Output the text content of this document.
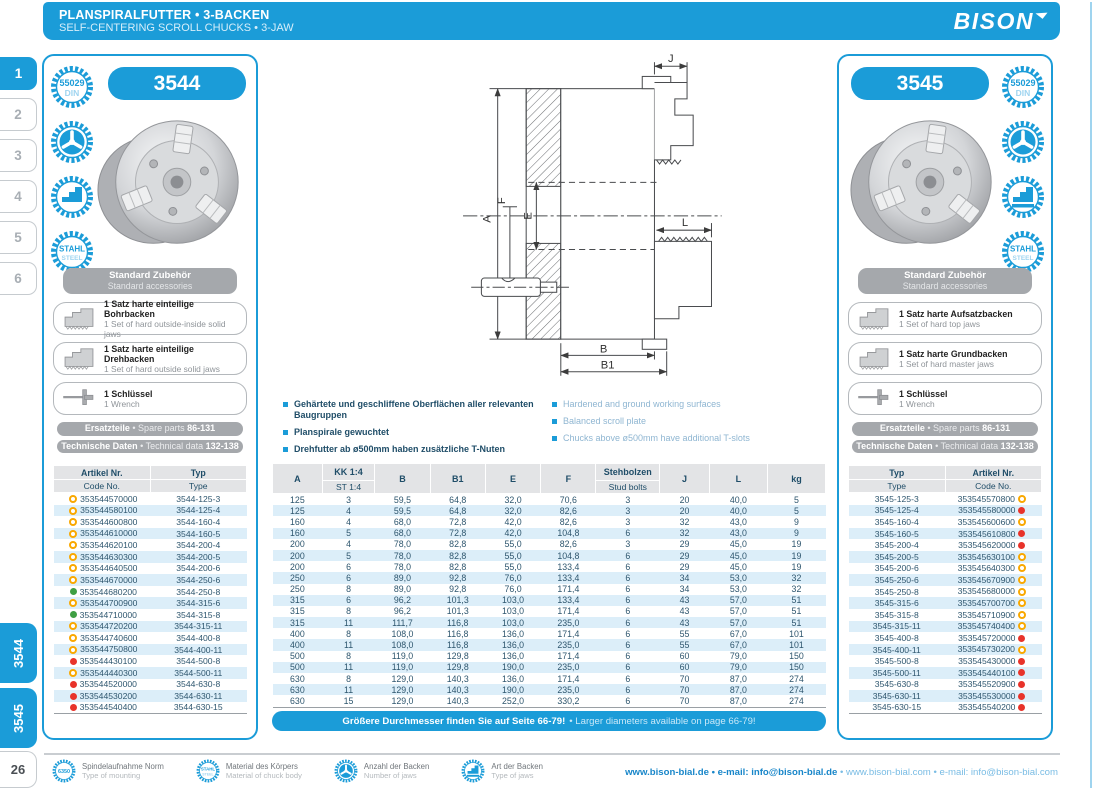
PLANSPIRALFUTTER • 3-BACKEN
SELF-CENTERING SCROLL CHUCKS • 3-JAW	BISON
1
2
3
4
5
6
3544
3545
26
J
A
F
E
L
B
B1
Gehärtete und geschliffene Oberflächen aller relevanten Baugruppen
Planspirale gewuchtet
Drehfutter ab ø500mm haben zusätzliche T-Nuten
Hardened and ground working surfaces
Balanced scroll plate
Chucks above ø500mm have additional T-slots
A	KK 1:4	B	B1	E	F	Stehbolzen	J	L	kg
	ST 1:4					Stud bolts			
125	3	59,5	64,8	32,0	70,6	3	20	40,0	5
125	4	59,5	64,8	32,0	82,6	3	20	40,0	5
160	4	68,0	72,8	42,0	82,6	3	32	43,0	9
160	5	68,0	72,8	42,0	104,8	6	32	43,0	9
200	4	78,0	82,8	55,0	82,6	3	29	45,0	19
200	5	78,0	82,8	55,0	104,8	6	29	45,0	19
200	6	78,0	82,8	55,0	133,4	6	29	45,0	19
250	6	89,0	92,8	76,0	133,4	6	34	53,0	32
250	8	89,0	92,8	76,0	171,4	6	34	53,0	32
315	6	96,2	101,3	103,0	133,4	6	43	57,0	51
315	8	96,2	101,3	103,0	171,4	6	43	57,0	51
315	11	111,7	116,8	103,0	235,0	6	43	57,0	51
400	8	108,0	116,8	136,0	171,4	6	55	67,0	101
400	11	108,0	116,8	136,0	235,0	6	55	67,0	101
500	8	119,0	129,8	136,0	171,4	6	60	79,0	150
500	11	119,0	129,8	190,0	235,0	6	60	79,0	150
630	8	129,0	140,3	136,0	171,4	6	70	87,0	274
630	11	129,0	140,3	190,0	235,0	6	70	87,0	274
630	15	129,0	140,3	252,0	330,2	6	70	87,0	274
Größere Durchmesser finden Sie auf Seite 66-79! • Larger diameters available on page 66-79!
6350
Spindelaufnahme Norm
Type of mounting
STAHL
STEEL
Material des Körpers
Material of chuck body
Anzahl der Backen
Number of jaws
Art der Backen
Type of jaws	www.bison-bial.de • e-mail: info@bison-bial.de • www.bison-bial.com • e-mail: info@bison-bial.com
55029
DIN
STAHL
STEEL
3544
Standard Zubehör
Standard accessories
1 Satz harte einteilige Bohrbacken
1 Set of hard outside-inside solid jaws
1 Satz harte einteilige Drehbacken
1 Set of hard outside solid jaws
1 Schlüssel
1 Wrench
Ersatzteile • Spare parts 86-131
Technische Daten • Technical data 132-138
Artikel Nr.	Typ
Code No.	Type
353544570000	3544-125-3
353544580100	3544-125-4
353544600800	3544-160-4
353544610000	3544-160-5
353544620100	3544-200-4
353544630300	3544-200-5
353544640500	3544-200-6
353544670000	3544-250-6
353544680200	3544-250-8
353544700900	3544-315-6
353544710000	3544-315-8
353544720200	3544-315-11
353544740600	3544-400-8
353544750800	3544-400-11
353544430100	3544-500-8
353544440300	3544-500-11
353544520000	3544-630-8
353544530200	3544-630-11
353544540400	3544-630-15
55029
DIN
STAHL
STEEL
3545
Standard Zubehör
Standard accessories
1 Satz harte Aufsatzbacken
1 Set of hard top jaws
1 Satz harte Grundbacken
1 Set of hard master jaws
1 Schlüssel
1 Wrench
Ersatzteile • Spare parts 86-131
Technische Daten • Technical data 132-138
Typ	Artikel Nr.
Type	Code No.
3545-125-3	353545570800
3545-125-4	353545580000
3545-160-4	353545600600
3545-160-5	353545610800
3545-200-4	353545620000
3545-200-5	353545630100
3545-200-6	353545640300
3545-250-6	353545670900
3545-250-8	353545680000
3545-315-6	353545700700
3545-315-8	353545710900
3545-315-11	353545740400
3545-400-8	353545720000
3545-400-11	353545730200
3545-500-8	353545430000
3545-500-11	353545440100
3545-630-8	353545520900
3545-630-11	353545530000
3545-630-15	353545540200
